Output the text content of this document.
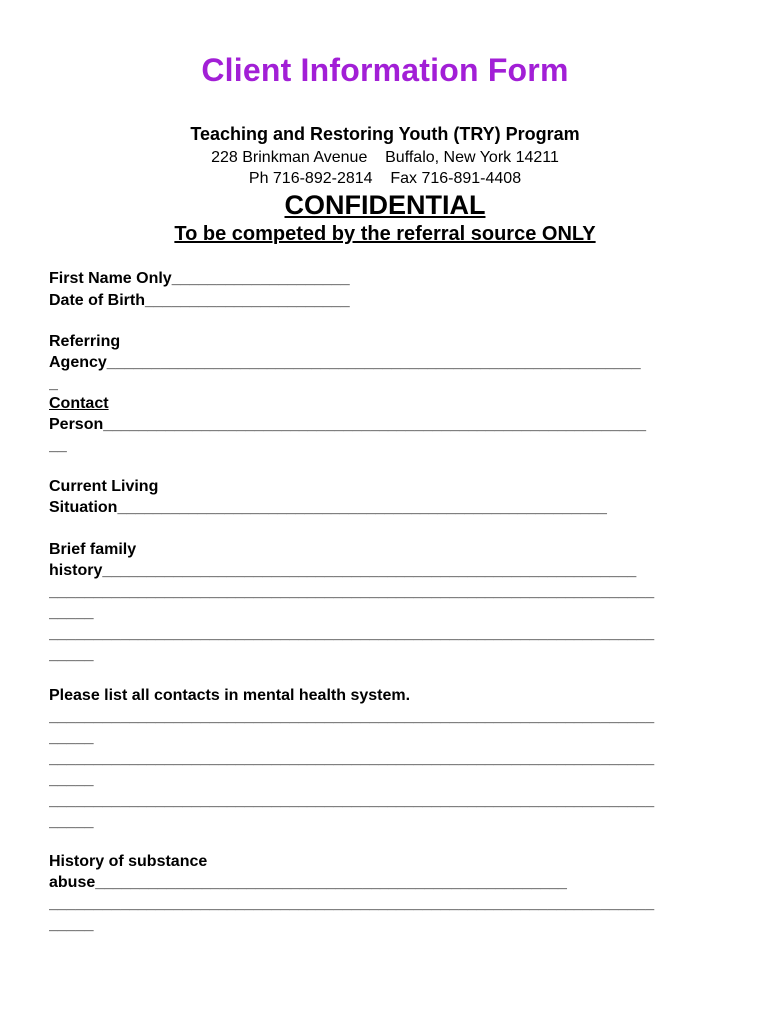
Client Information Form
Teaching and Restoring Youth (TRY) Program
228 Brinkman Avenue    Buffalo, New York 14211
Ph 716-892-2814    Fax 716-891-4408
CONFIDENTIAL
To be competed by the referral source ONLY
First Name Only____________________
Date of Birth_______________________
Referring
Agency____________________________________________________________
_
Contact
Person_____________________________________________________________
__
Current Living
Situation_______________________________________________________
Brief family
history____________________________________________________________
____________________________________________________________________
_____
____________________________________________________________________
_____
Please list all contacts in mental health system.
____________________________________________________________________
_____
____________________________________________________________________
_____
____________________________________________________________________
_____
History of substance
abuse_____________________________________________________
____________________________________________________________________
_____
